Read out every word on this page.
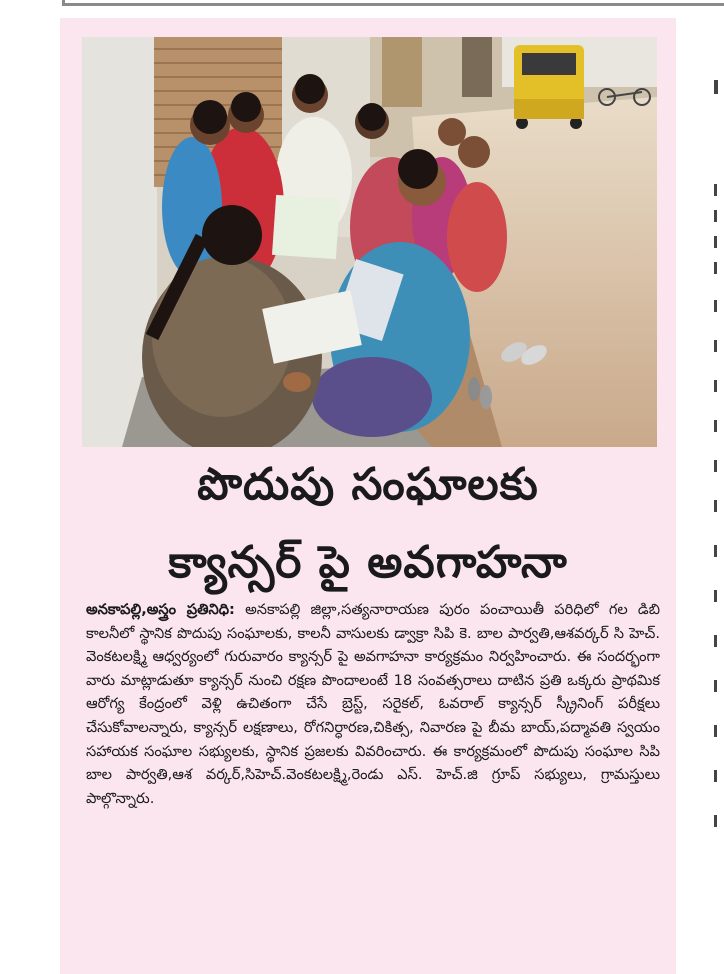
పొదుపు సంఘాలకు
క్యాన్సర్ పై అవగాహనా
అనకాపల్లి,అస్త్రం ప్రతినిధి: అనకాపల్లి జిల్లా,సత్యనారాయణ పురం పంచాయితీ పరిధిలో గల డిబి కాలనీలో స్థానిక పొదుపు సంఘాలకు, కాలనీ వాసులకు డ్వాక్రా సిపి కె. బాల పార్వతి,ఆశవర్కర్ సి హెచ్. వెంకటలక్ష్మి ఆధ్వర్యంలో గురువారం క్యాన్సర్ పై అవగాహనా కార్యక్రమం నిర్వహించారు. ఈ సందర్భంగా వారు మాట్లాడుతూ క్యాన్సర్ నుంచి రక్షణ పొందాలంటే 18 సంవత్సరాలు దాటిన ప్రతి ఒక్కరు ప్రాథమిక ఆరోగ్య కేంద్రంలో వెళ్లి ఉచితంగా చేసే బ్రెస్ట్, సరైకల్, ఓవరాల్ క్యాన్సర్ స్క్రీనింగ్ పరీక్షలు చేసుకోవాలన్నారు, క్యాన్సర్ లక్షణాలు, రోగనిర్ధారణ,చికిత్స, నివారణ పై బీమ బాయ్,పద్మావతి స్వయం సహాయక సంఘాల సభ్యులకు, స్థానిక ప్రజలకు వివరించారు. ఈ కార్యక్రమంలో పొదుపు సంఘాల సిపి బాల పార్వతి,ఆశ వర్కర్,సిహెచ్.వెంకటలక్ష్మి,రెండు ఎస్. హెచ్.జి గ్రూప్ సభ్యులు, గ్రామస్తులు పాల్గొన్నారు.
